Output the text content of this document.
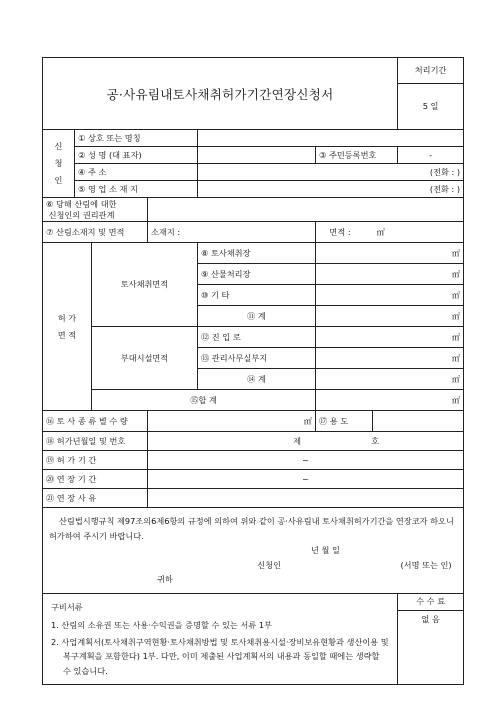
공·사유림내토사채취허가기간연장신청서							처리기간
							5 일

신
청
인	① 상호 또는 명칭						
	② 성 명 (대 표자)				③ 주민등록번호		-
	④ 주 소			(전화 : )			
	⑤ 영 업 소 재 지			(전화 : )			
⑥ 당해 산림에 대한
신청인의 권리관계							
⑦ 산림소재지 및 면적			소재지 :		면적 : ㎡		
허 가
면 적		토사채취면적		⑧ 토사채취장	㎡		
				⑨ 산물처리장	㎡		
				⑩ 기 타	㎡		
				⑪ 계	㎡		
		부대시설면적		⑫ 진 입 로	㎡		
				⑬ 관리사무실부지	㎡		
				⑭ 계	㎡		
		⑮합 계			㎡		
⑯ 토 사 종 류 별 수 량			㎡		⑰ 용 도		
⑱ 허가년월일 및 번호			제 호				
⑲ 허 가 기 간			~				
⑳ 연 장 기 간			~				
㉑ 연 장 사 유							

산림법시행규칙 제97조의6제6항의 규정에 의하여 위와 같이 공·사유림내 토사채취허가기간을 연장코자 하오니 허가하여 주시기 바랍니다.
년 월 일
신청인 (서명 또는 인)
귀하							

구비서류
1. 산림의 소유권 또는 사용·수익권을 증명할 수 있는 서류 1부
2. 사업계획서(토사채취구역현황·토사채취방법 및 토사채취용시설·장비보유현황과 생산이용 및 복구계획을 포함한다) 1부. 다만, 이미 제출된 사업계획서의 내용과 동일할 때에는 생략할 수 있습니다.							수 수 료
							없 음
